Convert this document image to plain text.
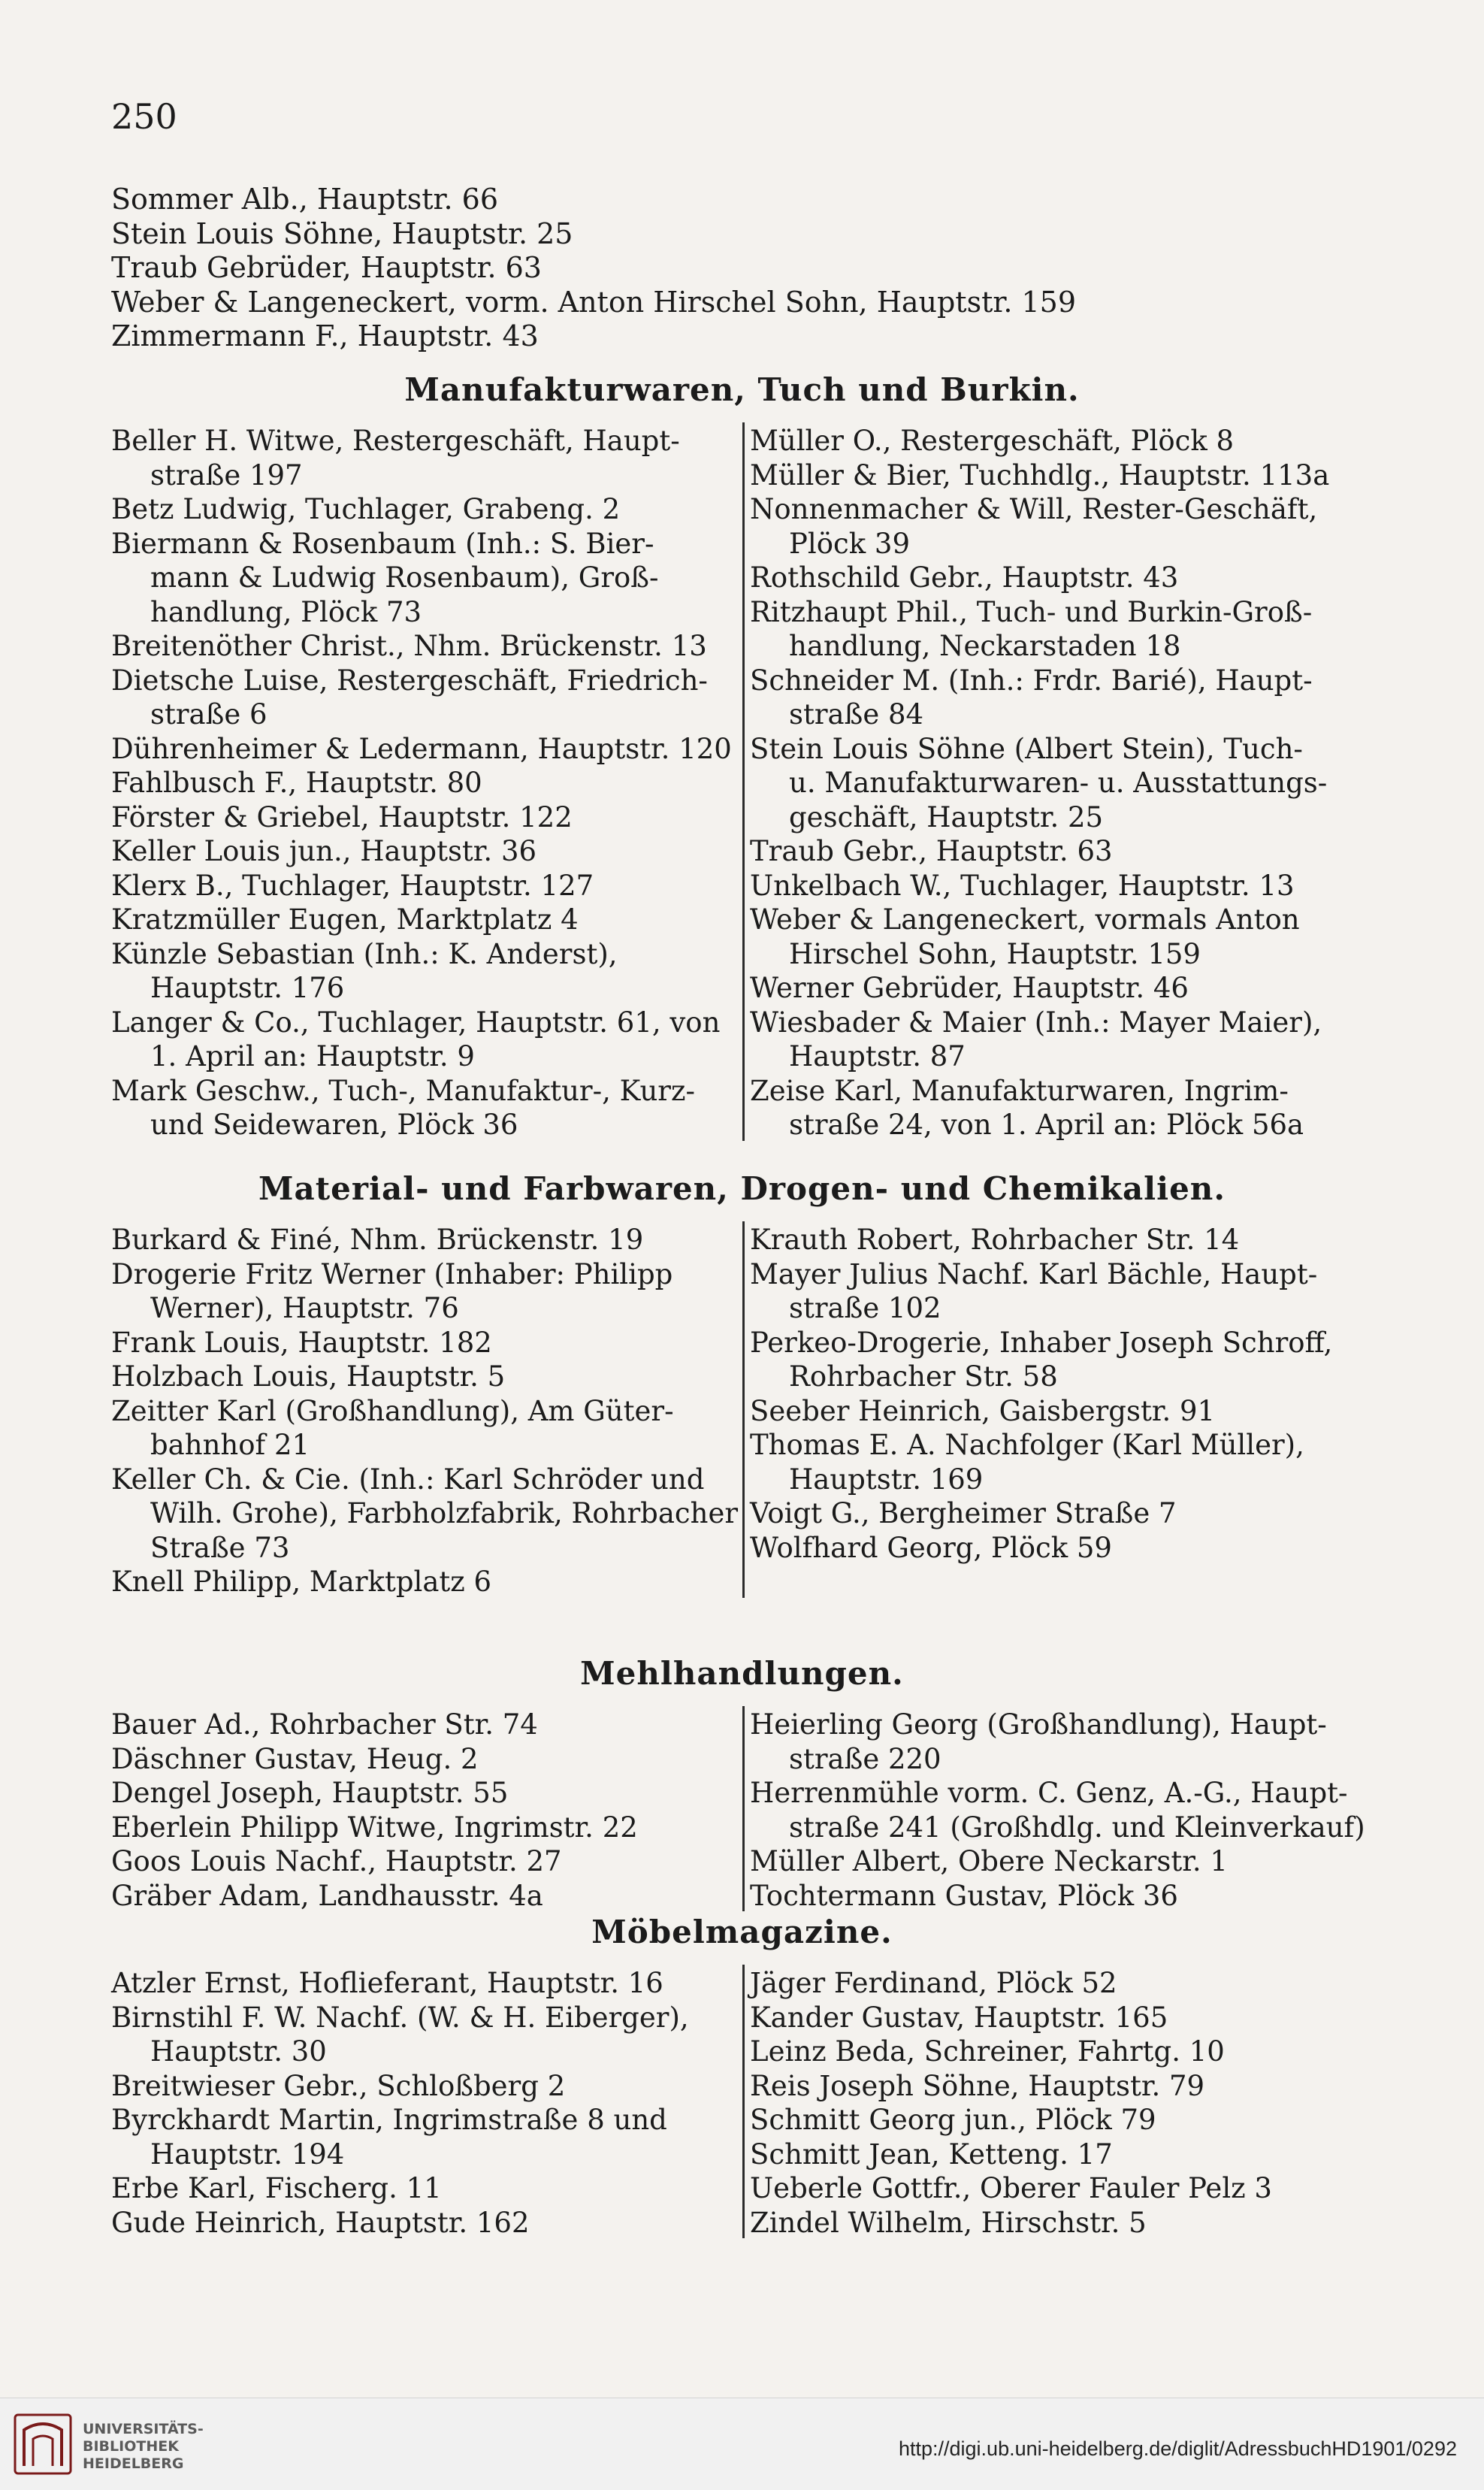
250
Sommer Alb., Hauptstr. 66
Stein Louis Söhne, Hauptstr. 25
Traub Gebrüder, Hauptstr. 63
Weber & Langeneckert, vorm. Anton Hirschel Sohn, Hauptstr. 159
Zimmermann F., Hauptstr. 43
Manufakturwaren, Tuch und Burkin.
Beller H. Witwe, Restergeschäft, Haupt-
straße 197
Betz Ludwig, Tuchlager, Grabeng. 2
Biermann & Rosenbaum (Inh.: S. Bier-
mann & Ludwig Rosenbaum), Groß-
handlung, Plöck 73
Breitenöther Christ., Nhm. Brückenstr. 13
Dietsche Luise, Restergeschäft, Friedrich-
straße 6
Dührenheimer & Ledermann, Hauptstr. 120
Fahlbusch F., Hauptstr. 80
Förster & Griebel, Hauptstr. 122
Keller Louis jun., Hauptstr. 36
Klerx B., Tuchlager, Hauptstr. 127
Kratzmüller Eugen, Marktplatz 4
Künzle Sebastian (Inh.: K. Anderst),
Hauptstr. 176
Langer & Co., Tuchlager, Hauptstr. 61, von
1. April an: Hauptstr. 9
Mark Geschw., Tuch-, Manufaktur-, Kurz-
und Seidewaren, Plöck 36
Müller O., Restergeschäft, Plöck 8
Müller & Bier, Tuchhdlg., Hauptstr. 113a
Nonnenmacher & Will, Rester-Geschäft,
Plöck 39
Rothschild Gebr., Hauptstr. 43
Ritzhaupt Phil., Tuch- und Burkin-Groß-
handlung, Neckarstaden 18
Schneider M. (Inh.: Frdr. Barié), Haupt-
straße 84
Stein Louis Söhne (Albert Stein), Tuch-
u. Manufakturwaren- u. Ausstattungs-
geschäft, Hauptstr. 25
Traub Gebr., Hauptstr. 63
Unkelbach W., Tuchlager, Hauptstr. 13
Weber & Langeneckert, vormals Anton
Hirschel Sohn, Hauptstr. 159
Werner Gebrüder, Hauptstr. 46
Wiesbader & Maier (Inh.: Mayer Maier),
Hauptstr. 87
Zeise Karl, Manufakturwaren, Ingrim-
straße 24, von 1. April an: Plöck 56a
Material- und Farbwaren, Drogen- und Chemikalien.
Burkard & Finé, Nhm. Brückenstr. 19
Drogerie Fritz Werner (Inhaber: Philipp
Werner), Hauptstr. 76
Frank Louis, Hauptstr. 182
Holzbach Louis, Hauptstr. 5
Zeitter Karl (Großhandlung), Am Güter-
bahnhof 21
Keller Ch. & Cie. (Inh.: Karl Schröder und
Wilh. Grohe), Farbholzfabrik, Rohrbacher
Straße 73
Knell Philipp, Marktplatz 6
Krauth Robert, Rohrbacher Str. 14
Mayer Julius Nachf. Karl Bächle, Haupt-
straße 102
Perkeo-Drogerie, Inhaber Joseph Schroff,
Rohrbacher Str. 58
Seeber Heinrich, Gaisbergstr. 91
Thomas E. A. Nachfolger (Karl Müller),
Hauptstr. 169
Voigt G., Bergheimer Straße 7
Wolfhard Georg, Plöck 59
Mehlhandlungen.
Bauer Ad., Rohrbacher Str. 74
Däschner Gustav, Heug. 2
Dengel Joseph, Hauptstr. 55
Eberlein Philipp Witwe, Ingrimstr. 22
Goos Louis Nachf., Hauptstr. 27
Gräber Adam, Landhausstr. 4a
Heierling Georg (Großhandlung), Haupt-
straße 220
Herrenmühle vorm. C. Genz, A.-G., Haupt-
straße 241 (Großhdlg. und Kleinverkauf)
Müller Albert, Obere Neckarstr. 1
Tochtermann Gustav, Plöck 36
Möbelmagazine.
Atzler Ernst, Hoflieferant, Hauptstr. 16
Birnstihl F. W. Nachf. (W. & H. Eiberger),
Hauptstr. 30
Breitwieser Gebr., Schloßberg 2
Byrckhardt Martin, Ingrimstraße 8 und
Hauptstr. 194
Erbe Karl, Fischerg. 11
Gude Heinrich, Hauptstr. 162
Jäger Ferdinand, Plöck 52
Kander Gustav, Hauptstr. 165
Leinz Beda, Schreiner, Fahrtg. 10
Reis Joseph Söhne, Hauptstr. 79
Schmitt Georg jun., Plöck 79
Schmitt Jean, Ketteng. 17
Ueberle Gottfr., Oberer Fauler Pelz 3
Zindel Wilhelm, Hirschstr. 5
UNIVERSITÄTS-
BIBLIOTHEK
HEIDELBERG
http://digi.ub.uni-heidelberg.de/diglit/AdressbuchHD1901/0292
